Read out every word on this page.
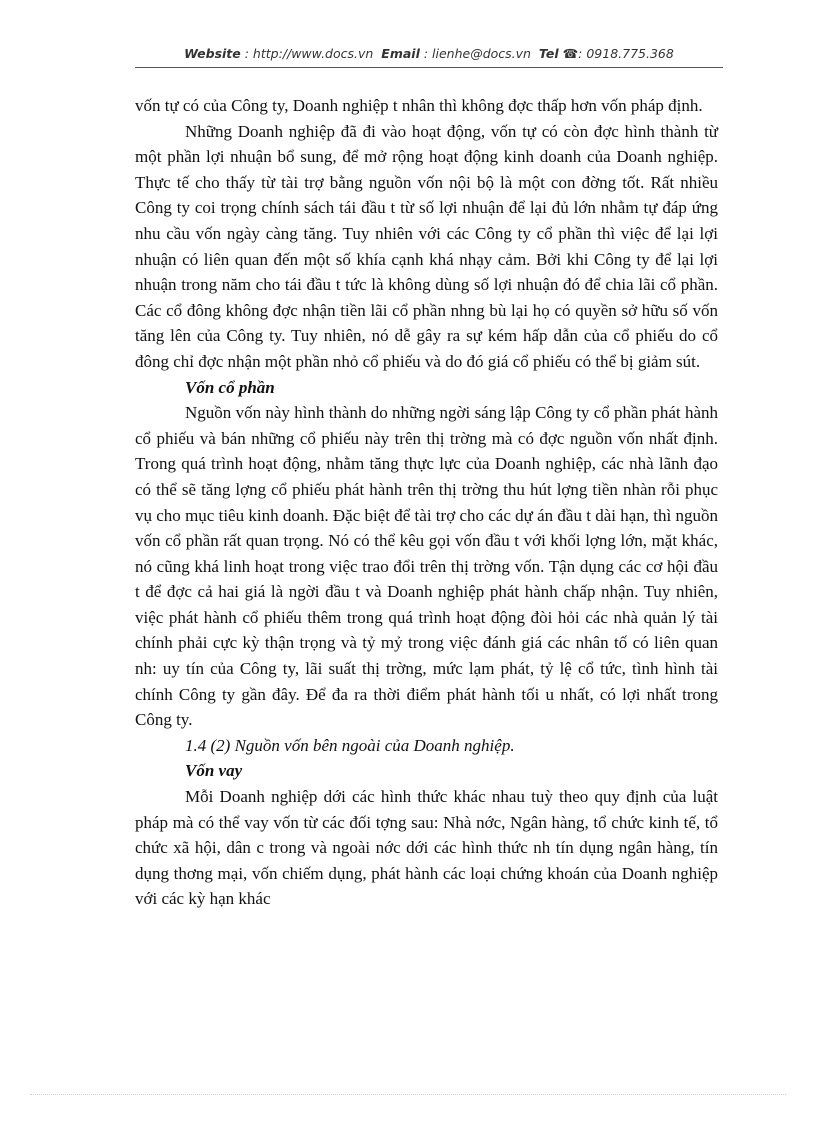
Website : http://www.docs.vn Email : lienhe@docs.vn Tel ☎: 0918.775.368

vốn tự có của Công ty, Doanh nghiệp t nhân thì không đợc thấp hơn vốn pháp định.

Những Doanh nghiệp đã đi vào hoạt động, vốn tự có còn đợc hình thành từ một phần lợi nhuận bổ sung, để mở rộng hoạt động kinh doanh của Doanh nghiệp. Thực tế cho thấy từ tài trợ bằng nguồn vốn nội bộ là một con đờng tốt. Rất nhiều Công ty coi trọng chính sách tái đầu t từ số lợi nhuận để lại đủ lớn nhằm tự đáp ứng nhu cầu vốn ngày càng tăng. Tuy nhiên với các Công ty cổ phần thì việc để lại lợi nhuận có liên quan đến một số khía cạnh khá nhạy cảm. Bởi khi Công ty để lại lợi nhuận trong năm cho tái đầu t tức là không dùng số lợi nhuận đó để chia lãi cổ phần. Các cổ đông không đợc nhận tiền lãi cổ phần nhng bù lại họ có quyền sở hữu số vốn tăng lên của Công ty. Tuy nhiên, nó dễ gây ra sự kém hấp dẫn của cổ phiếu do cổ đông chỉ đợc nhận một phần nhỏ cổ phiếu và do đó giá cổ phiếu có thể bị giảm sút.

Vốn cổ phần

Nguồn vốn này hình thành do những ngời sáng lập Công ty cổ phần phát hành cổ phiếu và bán những cổ phiếu này trên thị trờng mà có đợc nguồn vốn nhất định. Trong quá trình hoạt động, nhằm tăng thực lực của Doanh nghiệp, các nhà lãnh đạo có thể sẽ tăng lợng cổ phiếu phát hành trên thị trờng thu hút lợng tiền nhàn rỗi phục vụ cho mục tiêu kinh doanh. Đặc biệt để tài trợ cho các dự án đầu t dài hạn, thì nguồn vốn cổ phần rất quan trọng. Nó có thể kêu gọi vốn đầu t với khối lợng lớn, mặt khác, nó cũng khá linh hoạt trong việc trao đổi trên thị trờng vốn. Tận dụng các cơ hội đầu t để đợc cả hai giá là ngời đầu t và Doanh nghiệp phát hành chấp nhận. Tuy nhiên, việc phát hành cổ phiếu thêm trong quá trình hoạt động đòi hỏi các nhà quản lý tài chính phải cực kỳ thận trọng và tỷ mỷ trong việc đánh giá các nhân tố có liên quan nh: uy tín của Công ty, lãi suất thị trờng, mức lạm phát, tỷ lệ cổ tức, tình hình tài chính Công ty gần đây. Để đa ra thời điểm phát hành tối u nhất, có lợi nhất trong Công ty.

1.4 (2) Nguồn vốn bên ngoài của Doanh nghiệp.

Vốn vay

Mỗi Doanh nghiệp dới các hình thức khác nhau tuỳ theo quy định của luật pháp mà có thể vay vốn từ các đối tợng sau: Nhà nớc, Ngân hàng, tổ chức kinh tế, tổ chức xã hội, dân c trong và ngoài nớc dới các hình thức nh tín dụng ngân hàng, tín dụng thơng mại, vốn chiếm dụng, phát hành các loại chứng khoán của Doanh nghiệp với các kỳ hạn khác
